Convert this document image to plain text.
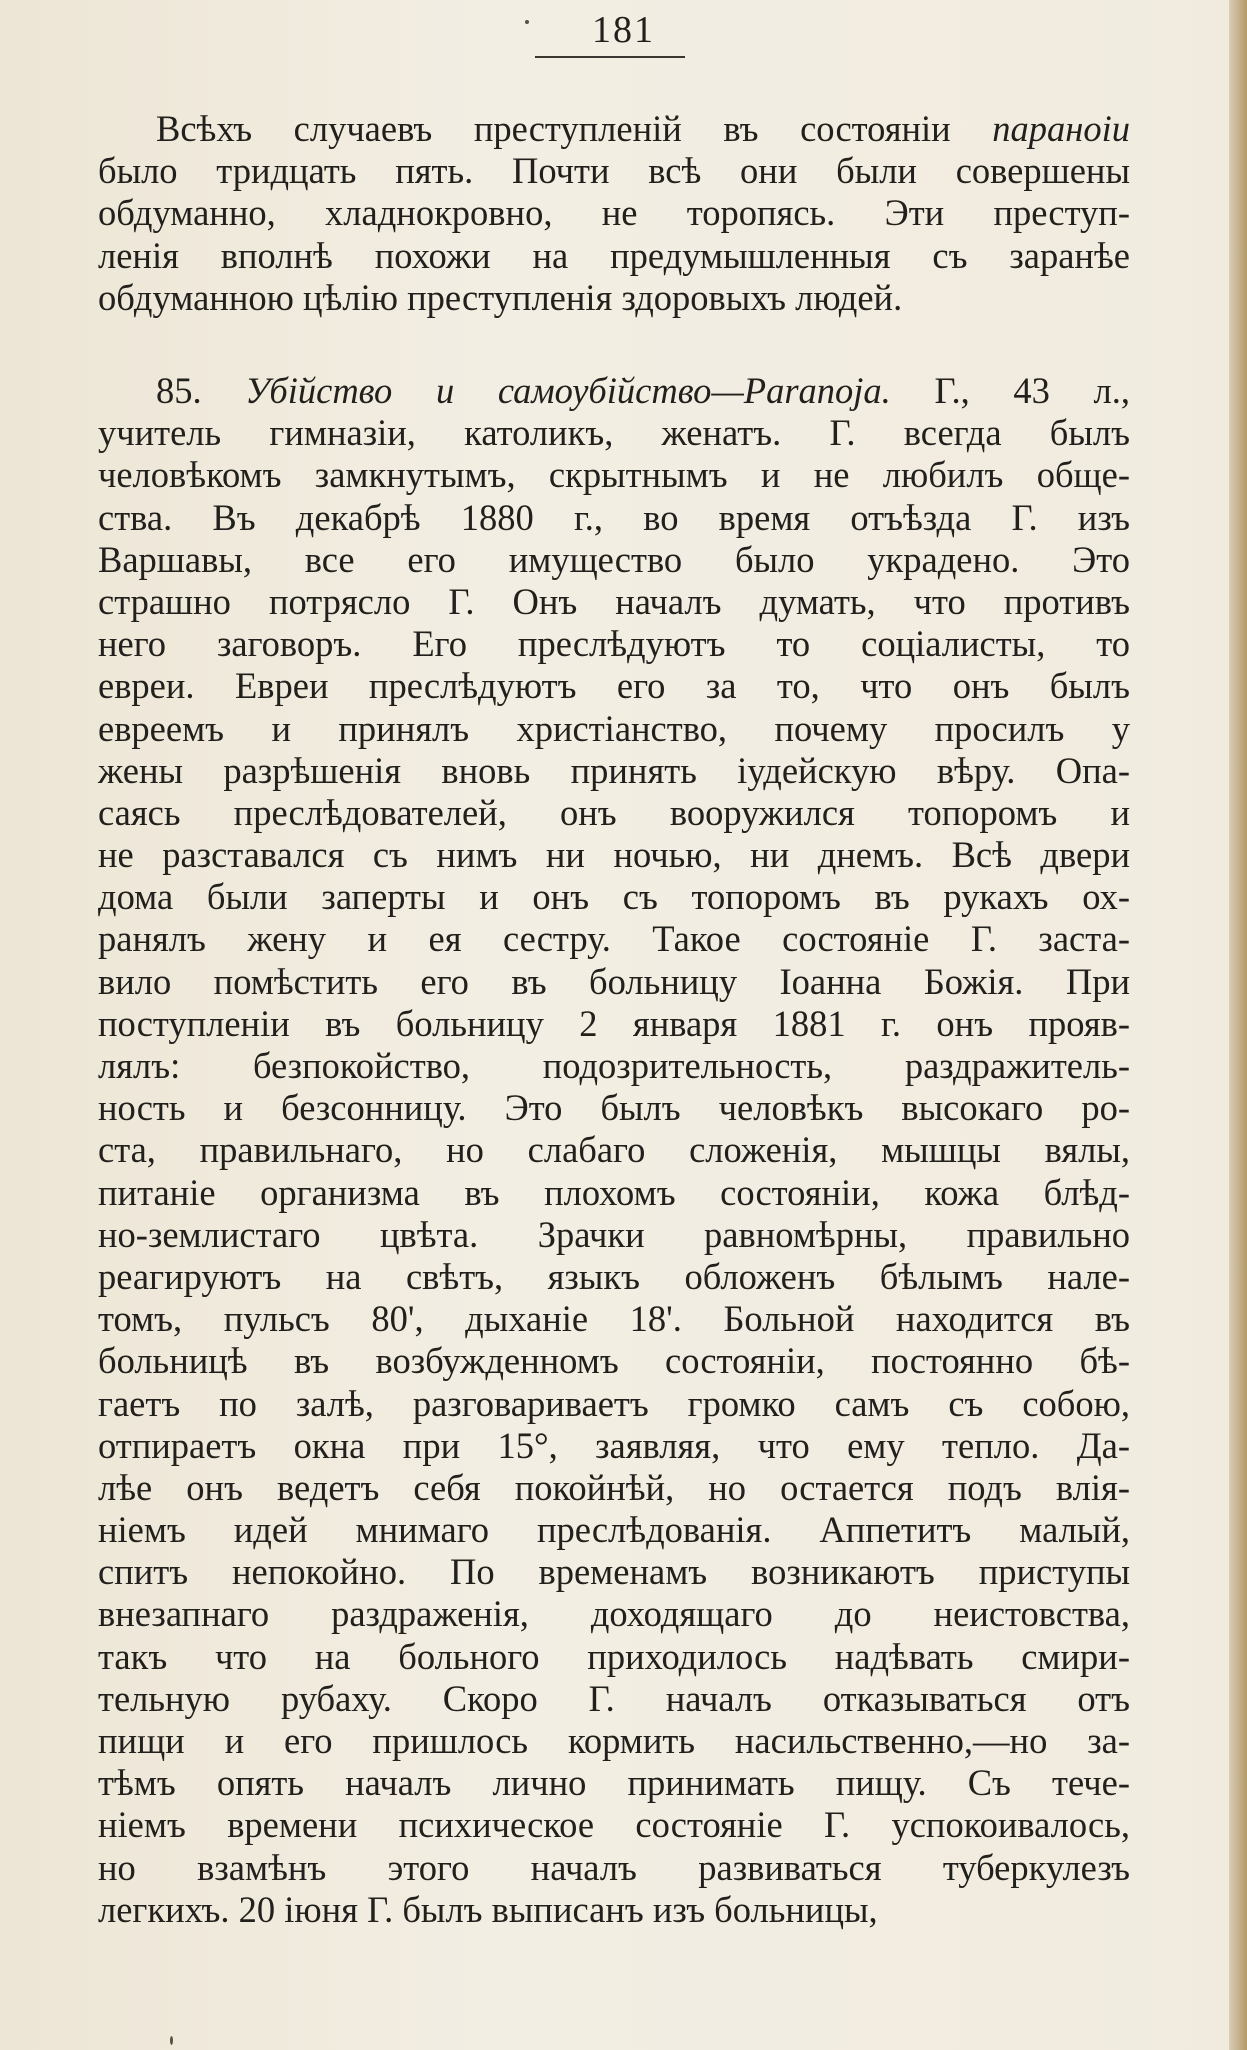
181
Всѣхъ случаевъ преступленій въ состояніи параноіи
было тридцать пять. Почти всѣ они были совершены
обдуманно, хладнокровно, не торопясь. Эти преступ-
ленія вполнѣ похожи на предумышленныя съ заранѣе
обдуманною цѣлію преступленія здоровыхъ людей.
85. Убійство и самоубійство—Paranoja. Г., 43 л.,
учитель гимназіи, католикъ, женатъ. Г. всегда былъ
человѣкомъ замкнутымъ, скрытнымъ и не любилъ обще-
ства. Въ декабрѣ 1880 г., во время отъѣзда Г. изъ
Варшавы, все его имущество было украдено. Это
страшно потрясло Г. Онъ началъ думать, что противъ
него заговоръ. Его преслѣдуютъ то соціалисты, то
евреи. Евреи преслѣдуютъ его за то, что онъ былъ
евреемъ и принялъ христіанство, почему просилъ у
жены разрѣшенія вновь принять іудейскую вѣру. Опа-
саясь преслѣдователей, онъ вооружился топоромъ и
не разставался съ нимъ ни ночью, ни днемъ. Всѣ двери
дома были заперты и онъ съ топоромъ въ рукахъ ох-
ранялъ жену и ея сестру. Такое состояніе Г. заста-
вило помѣстить его въ больницу Іоанна Божія. При
поступленіи въ больницу 2 января 1881 г. онъ прояв-
лялъ: безпокойство, подозрительность, раздражитель-
ность и безсонницу. Это былъ человѣкъ высокаго ро-
ста, правильнаго, но слабаго сложенія, мышцы вялы,
питаніе организма въ плохомъ состояніи, кожа блѣд-
но-землистаго цвѣта. Зрачки равномѣрны, правильно
реагируютъ на свѣтъ, языкъ обложенъ бѣлымъ нале-
томъ, пульсъ 80', дыханіе 18'. Больной находится въ
больницѣ въ возбужденномъ состояніи, постоянно бѣ-
гаетъ по залѣ, разговариваетъ громко самъ съ собою,
отпираетъ окна при 15°, заявляя, что ему тепло. Да-
лѣе онъ ведетъ себя покойнѣй, но остается подъ влія-
ніемъ идей мнимаго преслѣдованія. Аппетитъ малый,
спитъ непокойно. По временамъ возникаютъ приступы
внезапнаго раздраженія, доходящаго до неистовства,
такъ что на больного приходилось надѣвать смири-
тельную рубаху. Скоро Г. началъ отказываться отъ
пищи и его пришлось кормить насильственно,—но за-
тѣмъ опять началъ лично принимать пищу. Съ тече-
ніемъ времени психическое состояніе Г. успокоивалось,
но взамѣнъ этого началъ развиваться туберкулезъ
легкихъ. 20 іюня Г. былъ выписанъ изъ больницы,
